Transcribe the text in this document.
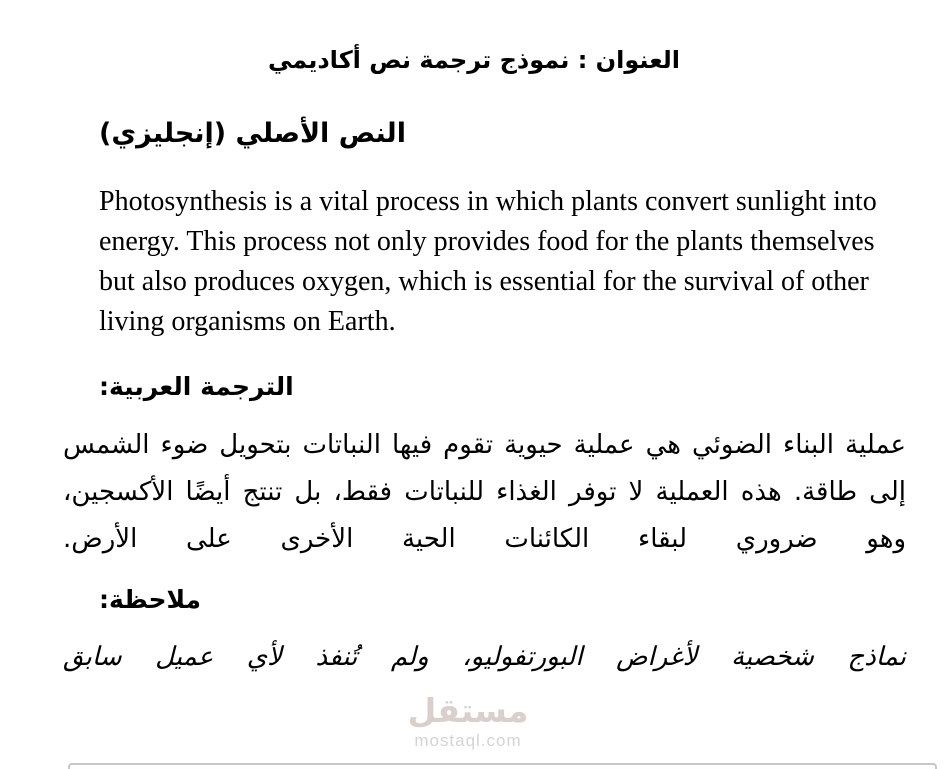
العنوان : نموذج ترجمة نص أكاديمي
النص الأصلي (إنجليزي)

Photosynthesis is a vital process in which plants convert sunlight into energy. This process not only provides food for the plants themselves but also produces oxygen, which is essential for the survival of other living organisms on Earth.

الترجمة العربية:

عملية البناء الضوئي هي عملية حيوية تقوم فيها النباتات بتحويل ضوء الشمس إلى طاقة. هذه العملية لا توفر الغذاء للنباتات فقط، بل تنتج أيضًا الأكسجين، وهو ضروري لبقاء الكائنات الحية الأخرى على الأرض.

ملاحظة:

نماذج شخصية لأغراض البورتفوليو، ولم تُنفذ لأي عميل سابق

مستقل
mostaql.com
